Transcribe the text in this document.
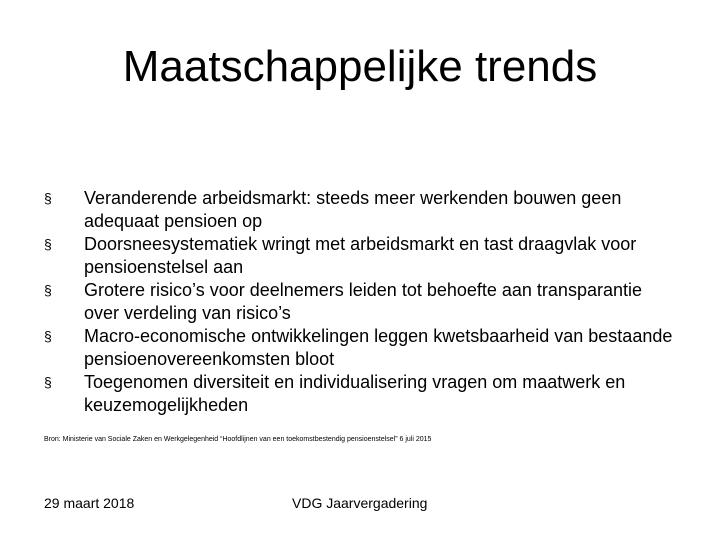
Maatschappelijke trends
§	Veranderende arbeidsmarkt: steeds meer werkenden bouwen geen adequaat pensioen op
§	Doorsneesystematiek wringt met arbeidsmarkt en tast draagvlak voor pensioenstelsel aan
§	Grotere risico’s voor deelnemers leiden tot behoefte aan transparantie over verdeling van risico’s
§	Macro-economische ontwikkelingen leggen kwetsbaarheid van bestaande pensioenovereenkomsten bloot
§	Toegenomen diversiteit en individualisering vragen om maatwerk en keuzemogelijkheden
Bron: Ministerie van Sociale Zaken en Werkgelegenheid “Hoofdlijnen van een toekomstbestendig pensioenstelsel” 6 juli 2015
29 maart 2018	VDG Jaarvergadering
